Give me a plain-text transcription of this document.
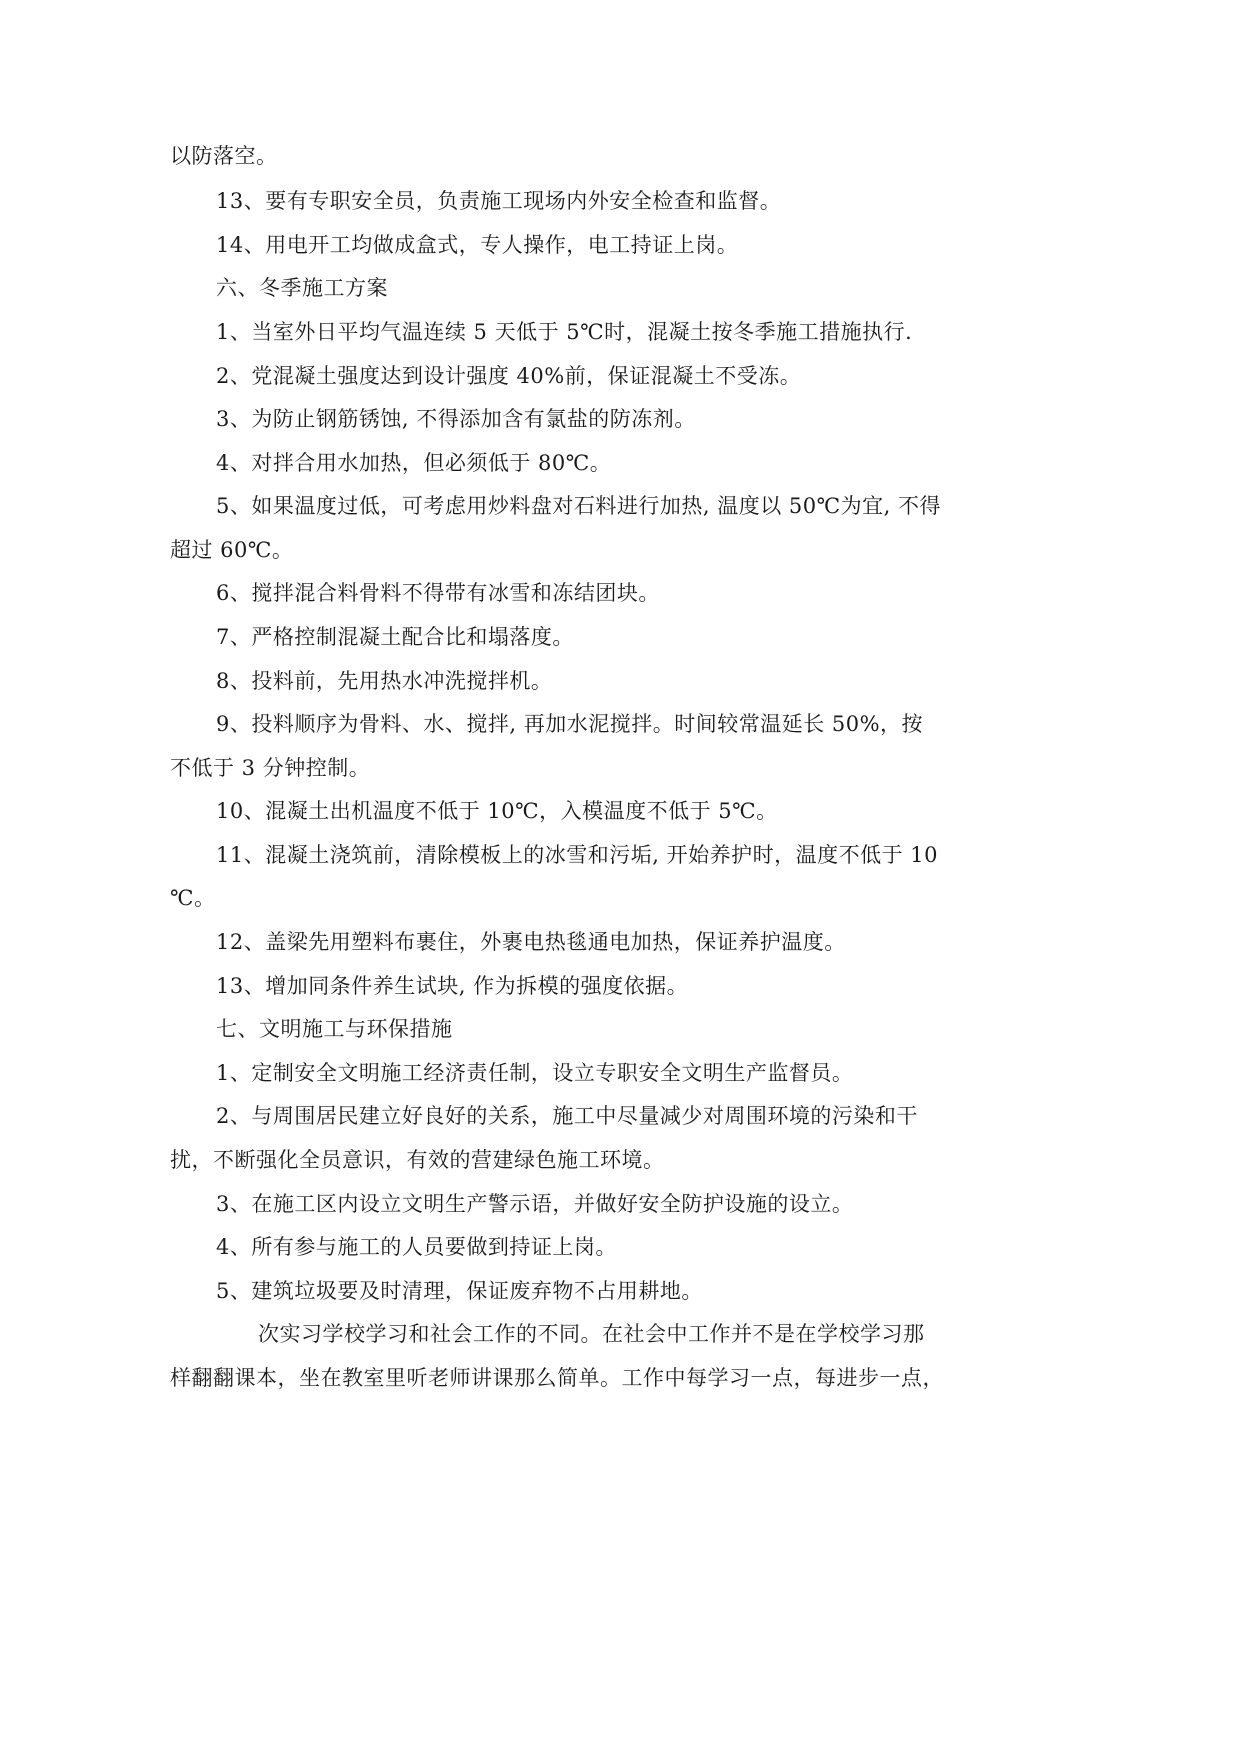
以防落空。
13、要有专职安全员，负责施工现场内外安全检查和监督。
14、用电开工均做成盒式，专人操作，电工持证上岗。
六、冬季施工方案
1、当室外日平均气温连续 5 天低于 5℃时，混凝土按冬季施工措施执行.
2、党混凝土强度达到设计强度 40%前，保证混凝土不受冻。
3、为防止钢筋锈蚀, 不得添加含有氯盐的防冻剂。
4、对拌合用水加热，但必须低于 80℃。
5、如果温度过低，可考虑用炒料盘对石料进行加热, 温度以 50℃为宜, 不得
超过 60℃。
6、搅拌混合料骨料不得带有冰雪和冻结团块。
7、严格控制混凝土配合比和塌落度。
8、投料前，先用热水冲洗搅拌机。
9、投料顺序为骨料、水、搅拌, 再加水泥搅拌。时间较常温延长 50%，按
不低于 3 分钟控制。
10、混凝土出机温度不低于 10℃，入模温度不低于 5℃。
11、混凝土浇筑前，清除模板上的冰雪和污垢, 开始养护时，温度不低于 10
℃。
12、盖梁先用塑料布裹住，外裹电热毯通电加热，保证养护温度。
13、增加同条件养生试块, 作为拆模的强度依据。
七、文明施工与环保措施
1、定制安全文明施工经济责任制，设立专职安全文明生产监督员。
2、与周围居民建立好良好的关系，施工中尽量减少对周围环境的污染和干
扰，不断强化全员意识，有效的营建绿色施工环境。
3、在施工区内设立文明生产警示语，并做好安全防护设施的设立。
4、所有参与施工的人员要做到持证上岗。
5、建筑垃圾要及时清理，保证废弃物不占用耕地。
次实习学校学习和社会工作的不同。在社会中工作并不是在学校学习那
样翻翻课本，坐在教室里听老师讲课那么简单。工作中每学习一点，每进步一点，
